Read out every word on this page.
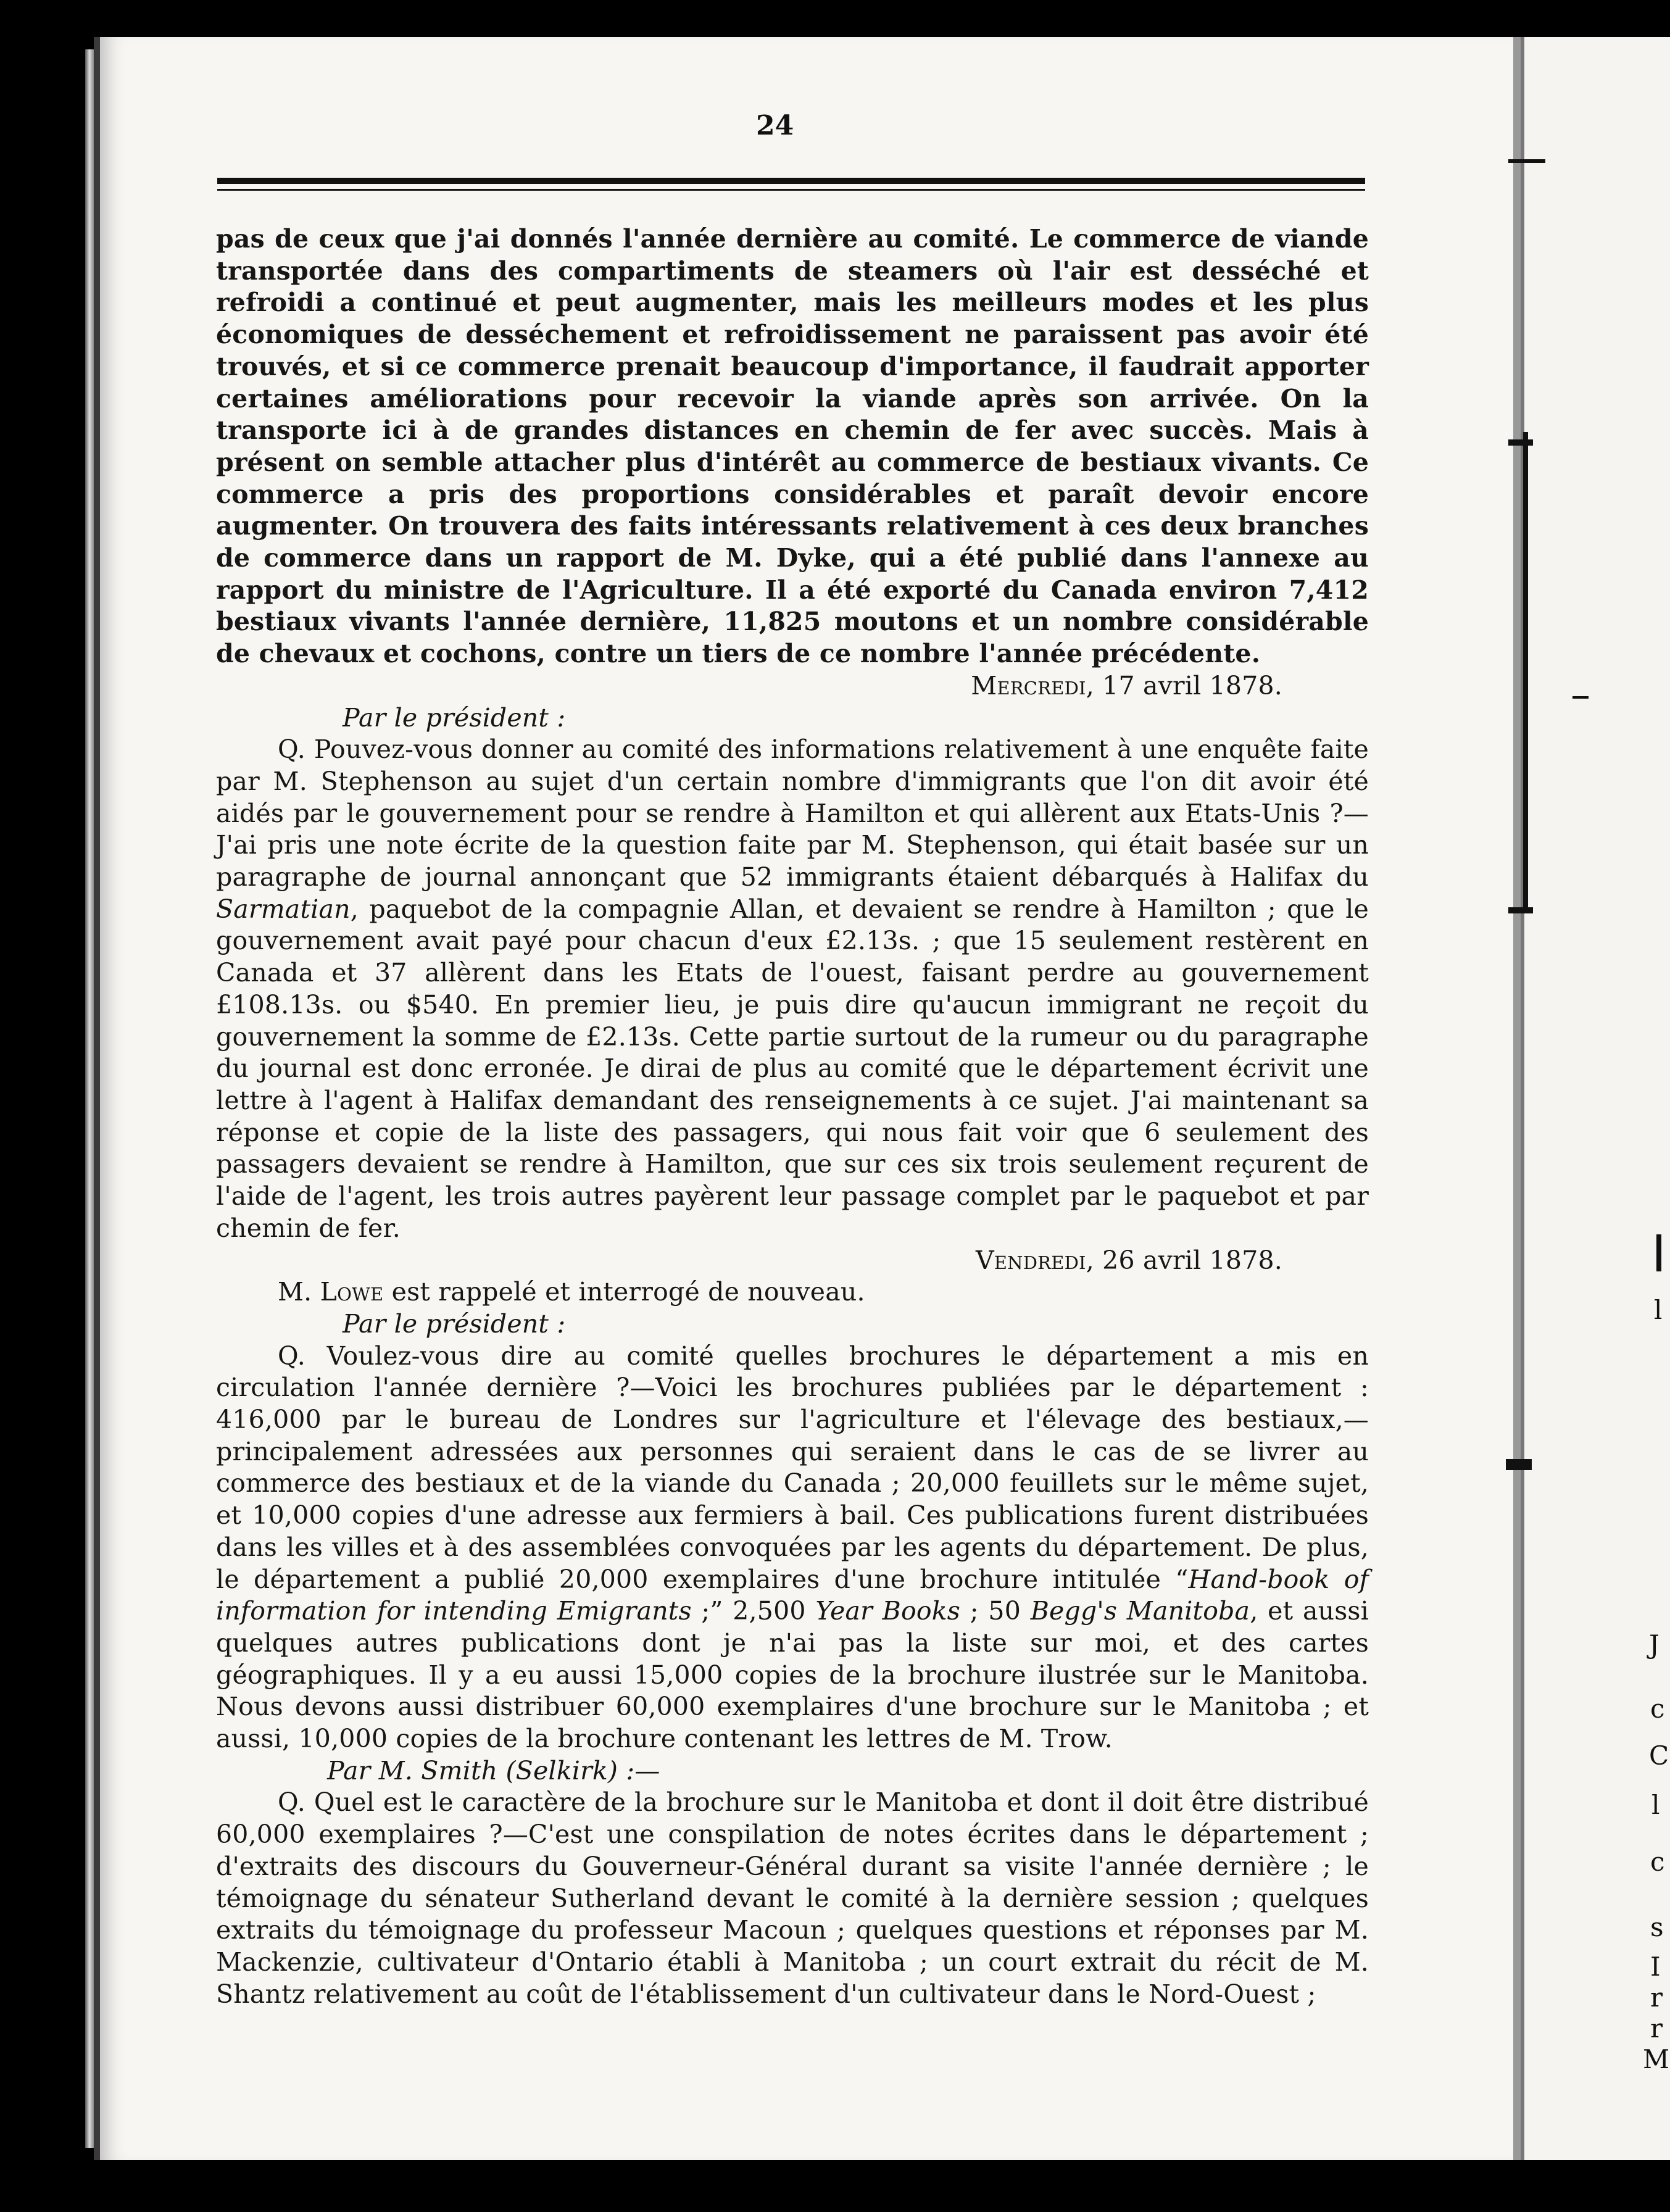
24

pas de ceux que j'ai donnés l'année dernière au comité. Le commerce de viande transportée dans des compartiments de steamers où l'air est desséché et refroidi a continué et peut augmenter, mais les meilleurs modes et les plus économiques de desséchement et refroidissement ne paraissent pas avoir été trouvés, et si ce commerce prenait beaucoup d'importance, il faudrait apporter certaines améliorations pour recevoir la viande après son arrivée. On la transporte ici à de grandes distances en chemin de fer avec succès. Mais à présent on semble attacher plus d'intérêt au commerce de bestiaux vivants. Ce commerce a pris des proportions considérables et paraît devoir encore augmenter. On trouvera des faits intéressants relativement à ces deux branches de commerce dans un rapport de M. Dyke, qui a été publié dans l'annexe au rapport du ministre de l'Agriculture. Il a été exporté du Canada environ 7,412 bestiaux vivants l'année dernière, 11,825 moutons et un nombre considérable de chevaux et cochons, contre un tiers de ce nombre l'année précédente.

Mercredi, 17 avril 1878.

Par le président :

Q. Pouvez-vous donner au comité des informations relativement à une enquête faite par M. Stephenson au sujet d'un certain nombre d'immigrants que l'on dit avoir été aidés par le gouvernement pour se rendre à Hamilton et qui allèrent aux Etats-Unis ?—J'ai pris une note écrite de la question faite par M. Stephenson, qui était basée sur un paragraphe de journal annonçant que 52 immigrants étaient débarqués à Halifax du Sarmatian, paquebot de la compagnie Allan, et devaient se rendre à Hamilton ; que le gouvernement avait payé pour chacun d'eux £2.13s. ; que 15 seulement restèrent en Canada et 37 allèrent dans les Etats de l'ouest, faisant perdre au gouvernement £108.13s. ou $540. En premier lieu, je puis dire qu'aucun immigrant ne reçoit du gouvernement la somme de £2.13s. Cette partie surtout de la rumeur ou du paragraphe du journal est donc erronée. Je dirai de plus au comité que le département écrivit une lettre à l'agent à Halifax demandant des renseignements à ce sujet. J'ai maintenant sa réponse et copie de la liste des passagers, qui nous fait voir que 6 seulement des passagers devaient se rendre à Hamilton, que sur ces six trois seulement reçurent de l'aide de l'agent, les trois autres payèrent leur passage complet par le paquebot et par chemin de fer.

Vendredi, 26 avril 1878.

M. Lowe est rappelé et interrogé de nouveau.

Par le président :

Q. Voulez-vous dire au comité quelles brochures le département a mis en circulation l'année dernière ?—Voici les brochures publiées par le département : 416,000 par le bureau de Londres sur l'agriculture et l'élevage des bestiaux,—principalement adressées aux personnes qui seraient dans le cas de se livrer au commerce des bestiaux et de la viande du Canada ; 20,000 feuillets sur le même sujet, et 10,000 copies d'une adresse aux fermiers à bail. Ces publications furent distribuées dans les villes et à des assemblées convoquées par les agents du département. De plus, le département a publié 20,000 exemplaires d'une brochure intitulée “Hand-book of information for intending Emigrants ;” 2,500 Year Books ; 50 Begg's Manitoba, et aussi quelques autres publications dont je n'ai pas la liste sur moi, et des cartes géographiques. Il y a eu aussi 15,000 copies de la brochure ilustrée sur le Manitoba. Nous devons aussi distribuer 60,000 exemplaires d'une brochure sur le Manitoba ; et aussi, 10,000 copies de la brochure contenant les lettres de M. Trow.

Par M. Smith (Selkirk) :—

Q. Quel est le caractère de la brochure sur le Manitoba et dont il doit être distribué 60,000 exemplaires ?—C'est une conspilation de notes écrites dans le département ; d'extraits des discours du Gouverneur-Général durant sa visite l'année dernière ; le témoignage du sénateur Sutherland devant le comité à la dernière session ; quelques extraits du témoignage du professeur Macoun ; quelques questions et réponses par M. Mackenzie, cultivateur d'Ontario établi à Manitoba ; un court extrait du récit de M. Shantz relativement au coût de l'établissement d'un cultivateur dans le Nord-Ouest ;

l
J
c
C
l
c
s
I
r
r
M
